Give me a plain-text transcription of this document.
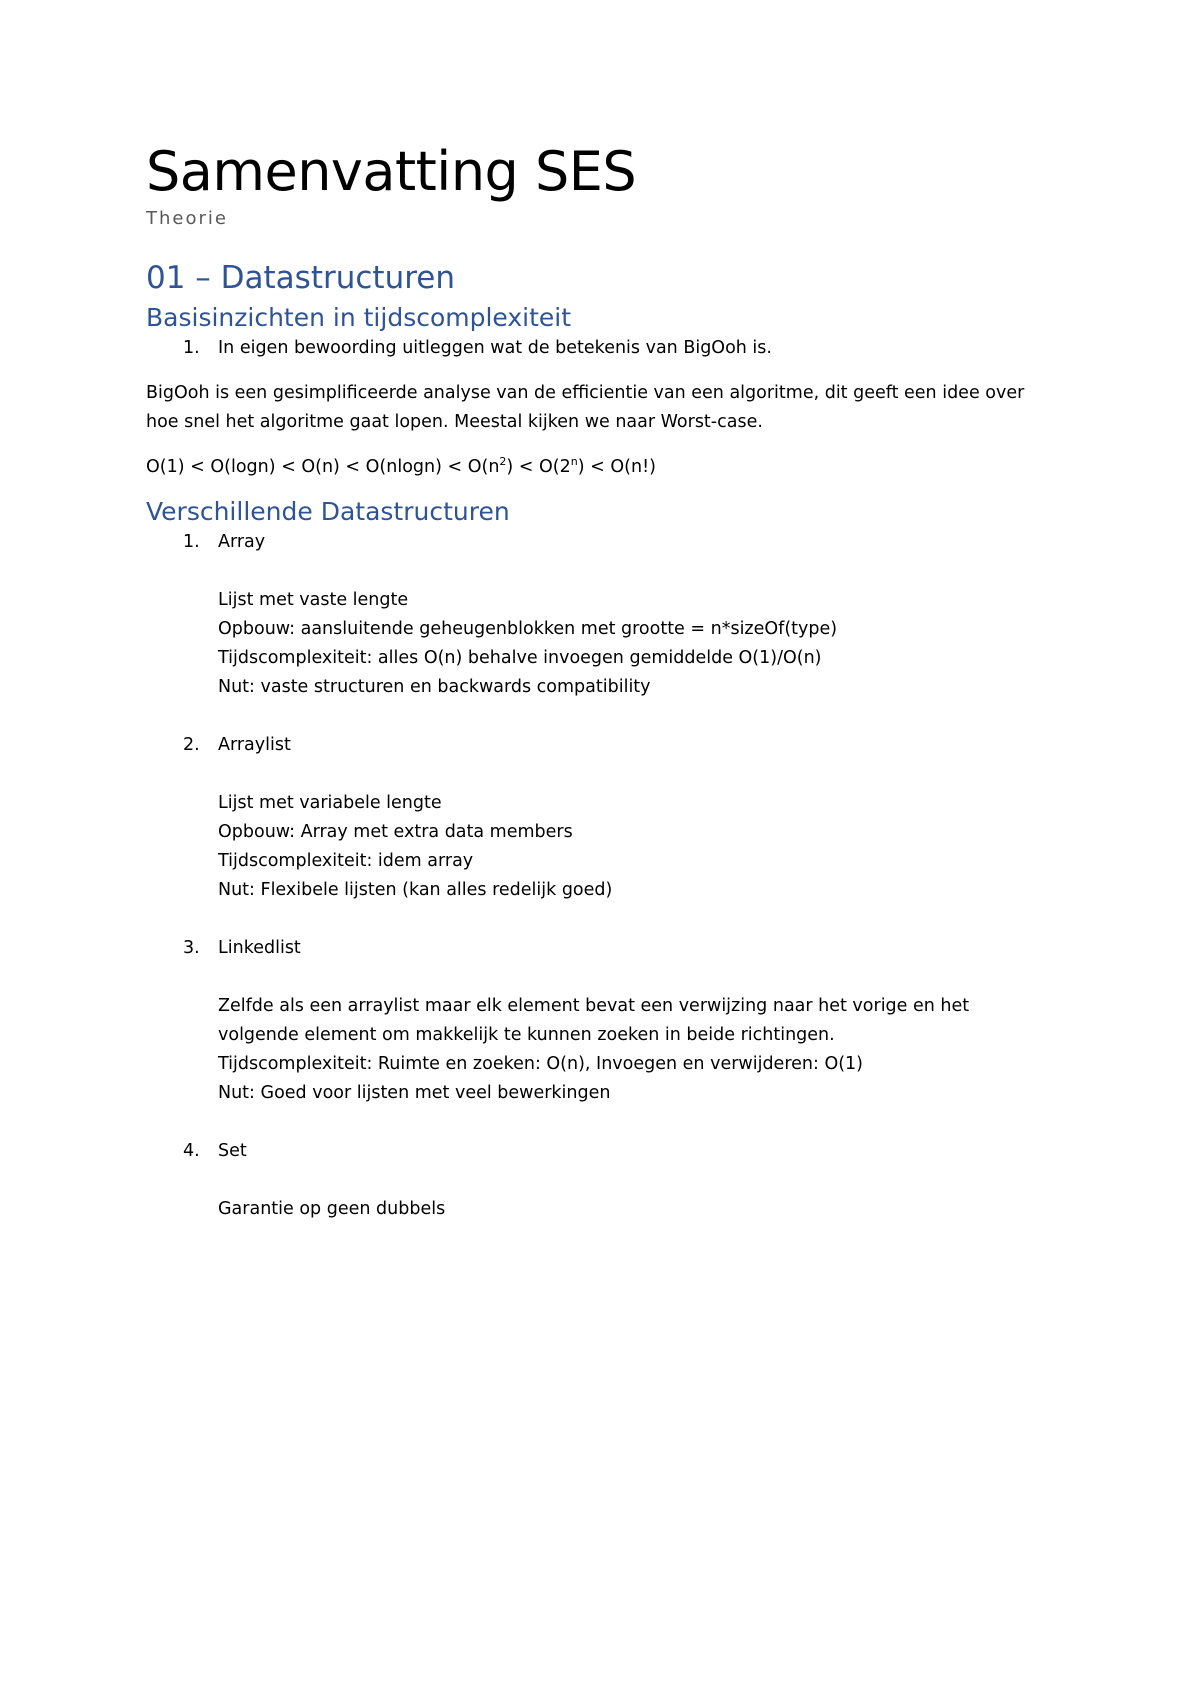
Samenvatting SES
Theorie
01 – Datastructuren
Basisinzichten in tijdscomplexiteit
1. In eigen bewoording uitleggen wat de betekenis van BigOoh is.
BigOoh is een gesimplificeerde analyse van de efficientie van een algoritme, dit geeft een idee over
hoe snel het algoritme gaat lopen. Meestal kijken we naar Worst-case.
$O(1) < O(\log n) < O(n) < O(nlogn) < O(n^2) < O(2^n) < O(n!)$
Verschillende Datastructuren
1. Array
Lijst met vaste lengte
Opbouw: aansluitende geheugenblokken met grootte = n*sizeOf(type)
Tijdscomplexiteit: alles O(n) behalve invoegen gemiddelde O(1)/O(n)
Nut: vaste structuren en backwards compatibility
2. Arraylist
Lijst met variabele lengte
Opbouw: Array met extra data members
Tijdscomplexiteit: idem array
Nut: Flexibele lijsten (kan alles redelijk goed)
3. Linkedlist
Zelfde als een arraylist maar elk element bevat een verwijzing naar het vorige en het
volgende element om makkelijk te kunnen zoeken in beide richtingen.
Tijdscomplexiteit: Ruimte en zoeken: O(n), Invoegen en verwijderen: O(1)
Nut: Goed voor lijsten met veel bewerkingen
4. Set
Garantie op geen dubbels
